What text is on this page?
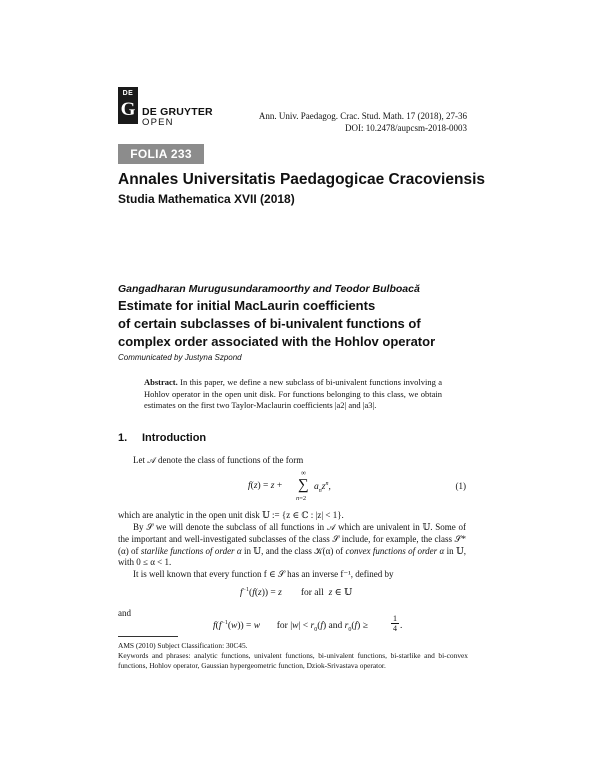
DE
G DE GRUYTER
OPEN
Ann. Univ. Paedagog. Crac. Stud. Math. 17 (2018), 27-36
DOI: 10.2478/aupcsm-2018-0003
FOLIA 233
Annales Universitatis Paedagogicae Cracoviensis
Studia Mathematica XVII (2018)
Gangadharan Murugusundaramoorthy and Teodor Bulboacă
Estimate for initial MacLaurin coefficients
of certain subclasses of bi-univalent functions of
complex order associated with the Hohlov operator
Communicated by Justyna Szpond
Abstract. In this paper, we define a new subclass of bi-univalent functions involving a Hohlov operator in the open unit disk. For functions belonging to this class, we obtain estimates on the first two Taylor-Maclaurin coefficients |a2| and |a3|.
1. Introduction
Let 𝒜 denote the class of functions of the form
f(z) = z +
∞
∑
n=2
$a_nz^n$,	(1)
which are analytic in the open unit disk 𝕌 := {z ∈ ℂ : |z| < 1}.
By 𝒮 we will denote the subclass of all functions in 𝒜 which are univalent in 𝕌. Some of the important and well-investigated subclasses of the class 𝒮 include, for example, the class 𝒮*(α) of starlike functions of order α in 𝕌, and the class 𝒦(α) of convex functions of order α in 𝕌, with 0 ≤ α < 1.
It is well known that every function f ∈ 𝒮 has an inverse f⁻¹, defined by
$f^{-1}(f(z)) = z$        for all  z ∈ 𝕌
and
$f(f^{-1}(w)) = w$       for $|w| < r_0(f)$ and $r_0(f)$ ≥
1

4 .
AMS (2010) Subject Classification: 30C45.
Keywords and phrases: analytic functions, univalent functions, bi-univalent functions, bi-starlike and bi-convex functions, Hohlov operator, Gaussian hypergeometric function, Dziok-Srivastava operator.
